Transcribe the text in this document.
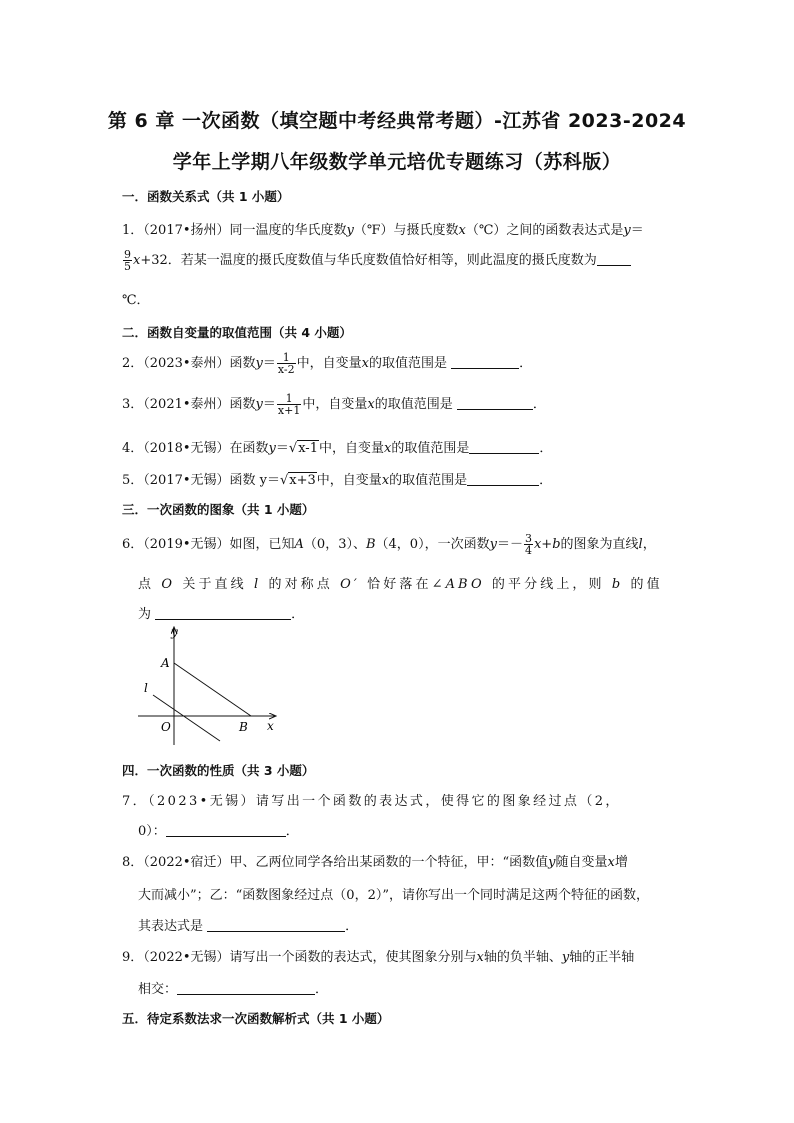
第 6 章 一次函数（填空题中考经典常考题）-江苏省 2023-2024
学年上学期八年级数学单元培优专题练习（苏科版）
一．函数关系式（共 1 小题）
1．（2017•扬州）同一温度的华氏度数y（℉）与摄氏度数x（℃）之间的函数表达式是y＝
$\frac{9}{5} x+32$．若某一温度的摄氏度数值与华氏度数值恰好相等，则此温度的摄氏度数为
℃．
二．函数自变量的取值范围（共 4 小题）
2．（2023•泰州）函数$y= \frac{1}{x-2}$ 中，自变量x的取值范围是	．
3．（2021•泰州）函数$y= \frac{1}{x+1}$ 中，自变量x的取值范围是	．
4．（2018•无锡）在函数y＝√x-1中，自变量x的取值范围是	．
5．（2017•无锡）函数 y＝√x+3中，自变量x的取值范围是	．
三．一次函数的图象（共 1 小题）
6．（2019•无锡）如图，已知A（0，3）、B（4，0），一次函数$y=- \frac{3}{4} x+b$的图象为直线l，
点 O 关于直线 l 的对称点 O′ 恰好落在∠ABO 的平分线上，则 b 的值
为	．
y
x
A
l
O	B
四．一次函数的性质（共 3 小题）
7．（2023•无锡）请写出一个函数的表达式，使得它的图象经过点（2，
0）：	．
8．（2022•宿迁）甲、乙两位同学各给出某函数的一个特征，甲：“函数值y随自变量x增
大而减小”；乙：“函数图象经过点（0，2）”，请你写出一个同时满足这两个特征的函数，
其表达式是	．
9．（2022•无锡）请写出一个函数的表达式，使其图象分别与x轴的负半轴、y轴的正半轴
相交：	．
五．待定系数法求一次函数解析式（共 1 小题）
